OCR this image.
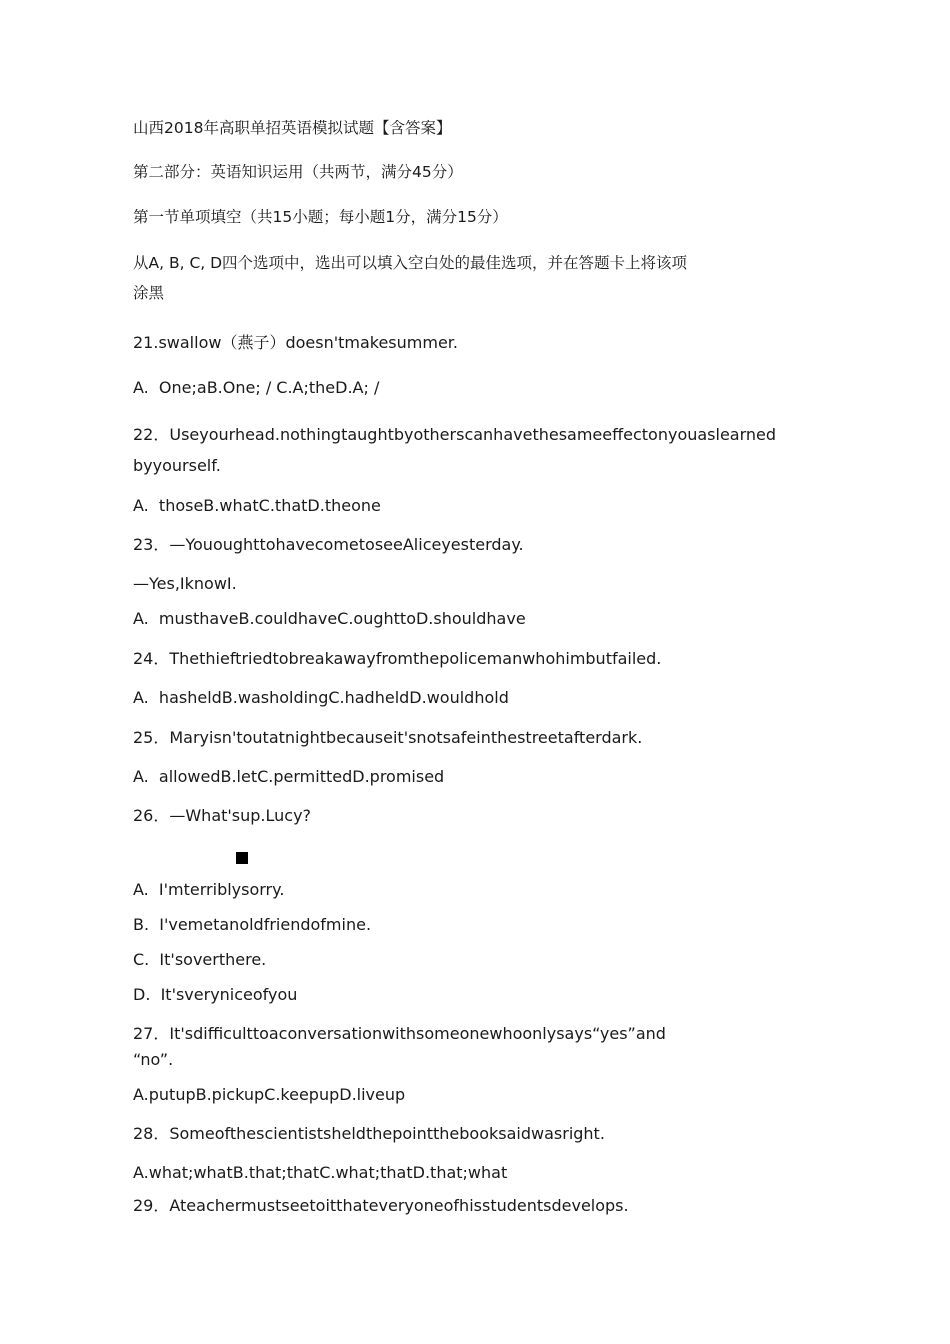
山西2018年高职单招英语模拟试题【含答案】
第二部分：英语知识运用（共两节，满分45分）
第一节单项填空（共15小题；每小题1分，满分15分）
从A, B, C, D四个选项中，选出可以填入空白处的最佳选项，并在答题卡上将该项
涂黑
21.swallow（燕子）doesn'tmakesummer.
A.  One;aB.One; / C.A;theD.A; /
22．Useyourhead.nothingtaughtbyotherscanhavethesameeffectonyouaslearned
byyourself.
A.  thoseB.whatC.thatD.theone
23．—YououghttohavecometoseeAliceyesterday.
—Yes,IknowI.
A.  musthaveB.couldhaveC.oughttoD.shouldhave
24．Thethieftriedtobreakawayfromthepolicemanwhohimbutfailed.
A.  hasheldB.washoldingC.hadheldD.wouldhold
25．Maryisn'toutatnightbecauseit'snotsafeinthestreetafterdark.
A.  allowedB.letC.permittedD.promised
26．—What'sup.Lucy?
A.  I'mterriblysorry.
B.  I'vemetanoldfriendofmine.
C.  It'soverthere.
D.  It'sveryniceofyou
27．It'sdifficulttoaconversationwithsomeonewhoonlysays“yes”and
“no”.
A.putupB.pickupC.keepupD.liveup
28．Someofthescientistsheldthepointthebooksaidwasright.
A.what;whatB.that;thatC.what;thatD.that;what
29．Ateachermustseetoitthateveryoneofhisstudentsdevelops.
